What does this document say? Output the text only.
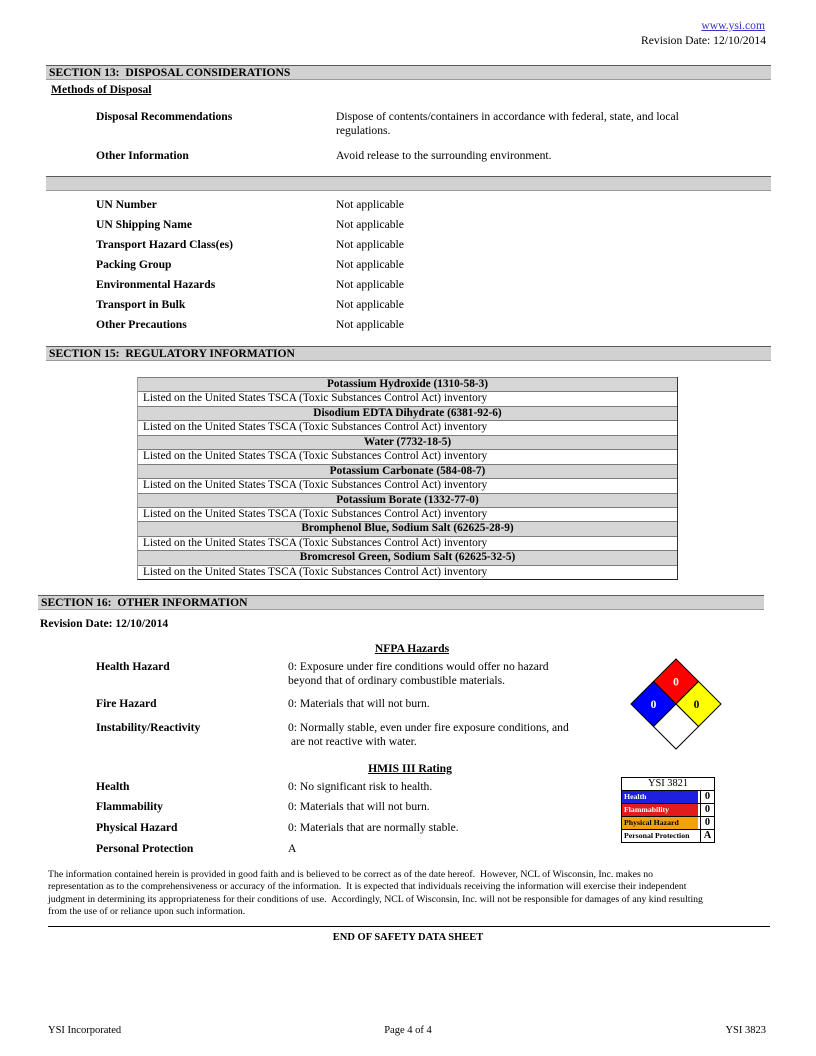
www.ysi.com
Revision Date: 12/10/2014
SECTION 13:  DISPOSAL CONSIDERATIONS
Methods of Disposal
Disposal Recommendations	Dispose of contents/containers in accordance with federal, state, and local
regulations.
Other Information	Avoid release to the surrounding environment.
UN Number	Not applicable
UN Shipping Name	Not applicable
Transport Hazard Class(es)	Not applicable
Packing Group	Not applicable
Environmental Hazards	Not applicable
Transport in Bulk	Not applicable
Other Precautions	Not applicable
SECTION 15:  REGULATORY INFORMATION
Potassium Hydroxide (1310-58-3)
Listed on the United States TSCA (Toxic Substances Control Act) inventory
Disodium EDTA Dihydrate (6381-92-6)
Listed on the United States TSCA (Toxic Substances Control Act) inventory
Water (7732-18-5)
Listed on the United States TSCA (Toxic Substances Control Act) inventory
Potassium Carbonate (584-08-7)
Listed on the United States TSCA (Toxic Substances Control Act) inventory
Potassium Borate (1332-77-0)
Listed on the United States TSCA (Toxic Substances Control Act) inventory
Bromphenol Blue, Sodium Salt (62625-28-9)
Listed on the United States TSCA (Toxic Substances Control Act) inventory
Bromcresol Green, Sodium Salt (62625-32-5)
Listed on the United States TSCA (Toxic Substances Control Act) inventory
SECTION 16:  OTHER INFORMATION
Revision Date: 12/10/2014
NFPA Hazards
Health Hazard	0: Exposure under fire conditions would offer no hazard
beyond that of ordinary combustible materials.
Fire Hazard	0: Materials that will not burn.
Instability/Reactivity	0: Normally stable, even under fire exposure conditions, and
are not reactive with water.
0
0	0
HMIS III Rating
Health	0: No significant risk to health.
Flammability	0: Materials that will not burn.
Physical Hazard	0: Materials that are normally stable.
Personal Protection	A
YSI 3821
Health	0
Flammability	0
Physical Hazard	0
Personal Protection	A
The information contained herein is provided in good faith and is believed to be correct as of the date hereof.  However, NCL of Wisconsin, Inc. makes no
representation as to the comprehensiveness or accuracy of the information.  It is expected that individuals receiving the information will exercise their independent
judgment in determining its appropriateness for their conditions of use.  Accordingly, NCL of Wisconsin, Inc. will not be responsible for damages of any kind resulting
from the use of or reliance upon such information.
END OF SAFETY DATA SHEET
YSI Incorporated	Page 4 of 4	YSI 3823
